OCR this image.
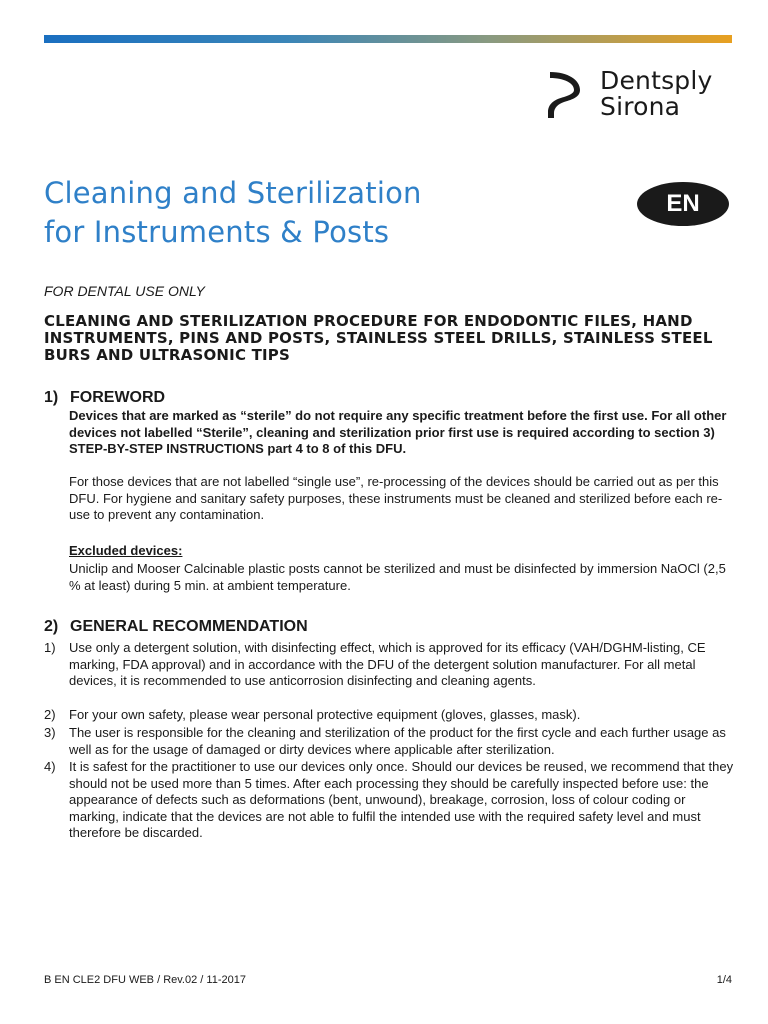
Dentsply
Sirona
Cleaning and Sterilization
for Instruments & Posts
EN
FOR DENTAL USE ONLY
CLEANING AND STERILIZATION PROCEDURE FOR ENDODONTIC FILES, HAND INSTRUMENTS, PINS AND POSTS, STAINLESS STEEL DRILLS, STAINLESS STEEL BURS AND ULTRASONIC TIPS
1) FOREWORD

Devices that are marked as “sterile” do not require any specific treatment before the first use. For all other devices not labelled “Sterile”, cleaning and sterilization prior first use is required according to section 3) STEP-BY-STEP INSTRUCTIONS part 4 to 8 of this DFU.

For those devices that are not labelled “single use”, re-processing of the devices should be carried out as per this DFU. For hygiene and sanitary safety purposes, these instruments must be cleaned and sterilized before each re-use to prevent any contamination.

Excluded devices:

Uniclip and Mooser Calcinable plastic posts cannot be sterilized and must be disinfected by immersion NaOCl (2,5 % at least) during 5 min. at ambient temperature.

2) GENERAL RECOMMENDATION
1)	Use only a detergent solution, with disinfecting effect, which is approved for its efficacy (VAH/DGHM-listing, CE marking, FDA approval) and in accordance with the DFU of the detergent solution manufacturer. For all metal devices, it is recommended to use anticorrosion disinfecting and cleaning agents.
2)	For your own safety, please wear personal protective equipment (gloves, glasses, mask).
3)	The user is responsible for the cleaning and sterilization of the product for the first cycle and each further usage as well as for the usage of damaged or dirty devices where applicable after sterilization.
4)	It is safest for the practitioner to use our devices only once. Should our devices be reused, we recommend that they should not be used more than 5 times. After each processing they should be carefully inspected before use: the appearance of defects such as deformations (bent, unwound), breakage, corrosion, loss of colour coding or marking, indicate that the devices are not able to fulfil the intended use with the required safety level and must therefore be discarded.
B EN CLE2 DFU WEB / Rev.02 / 11-2017	1/4
